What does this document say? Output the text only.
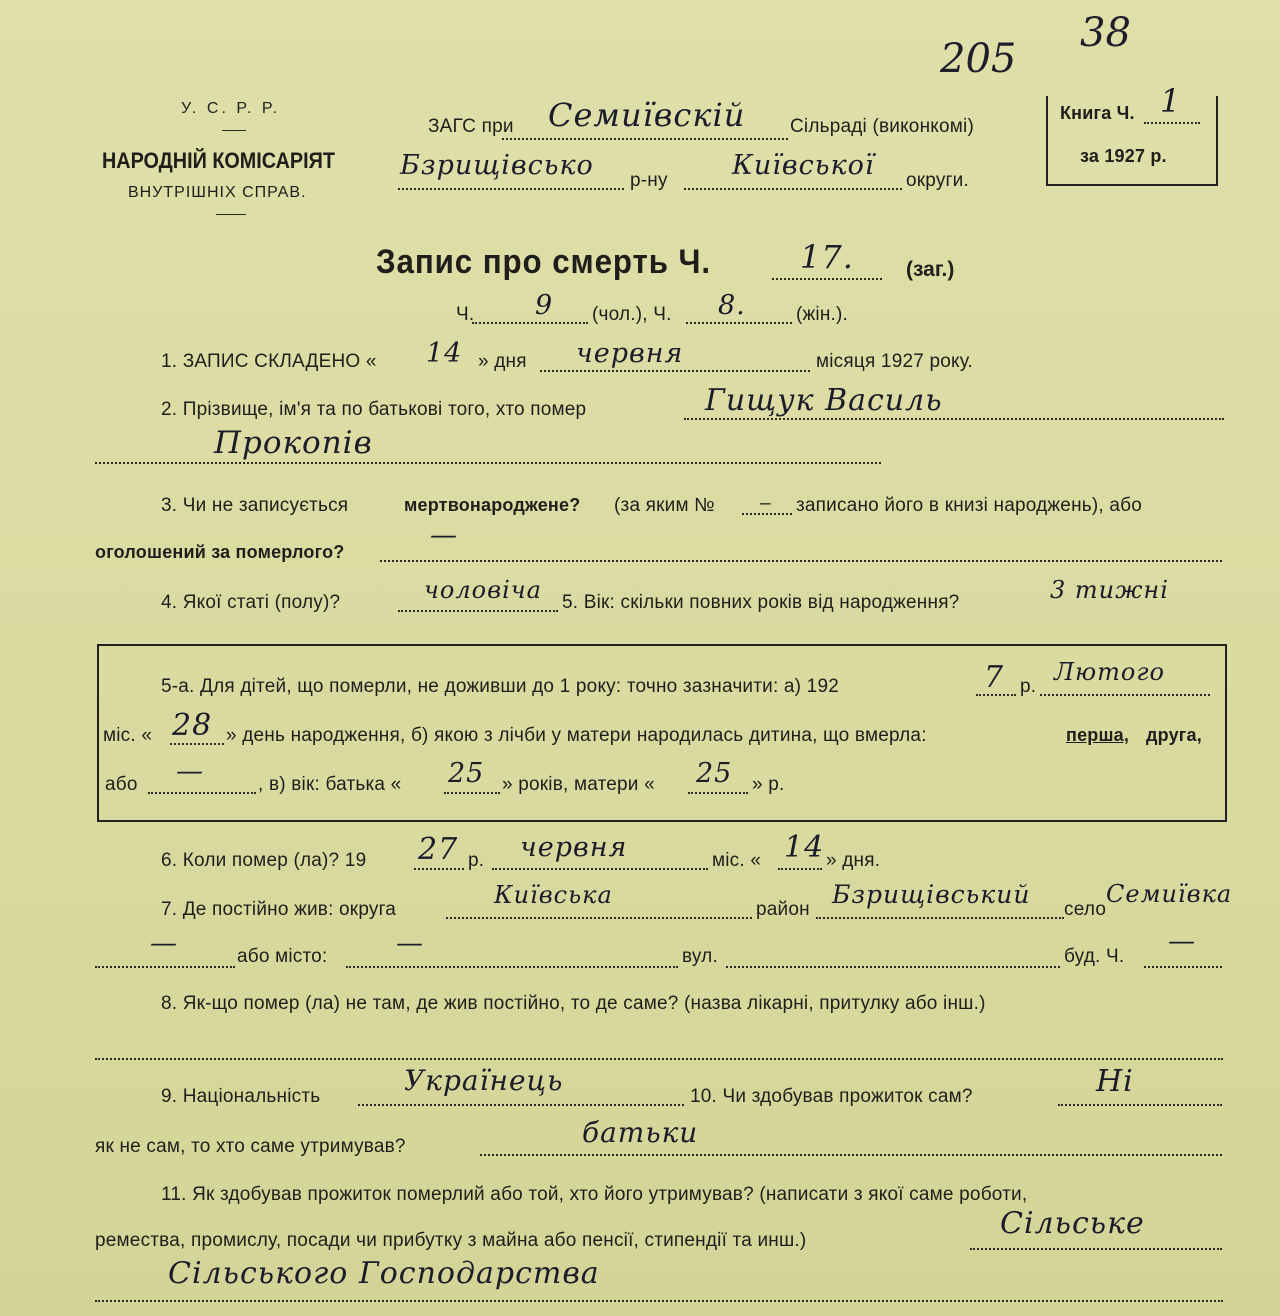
205
38
У. С. Р. Р.
НАРОДНІЙ КОМІСАРІЯТ
ВНУТРІШНІХ СПРАВ.
ЗАГС при Семиївскій Сільраді (виконкомі)
Бзрищівсько р-ну Київської округи.
Книга Ч. 1
за 1927 р.
Запис про смерть Ч.	17. (заг.)
Ч. 9 (чол.), Ч. 8.	(жін.).
1. ЗАПИС СКЛАДЕНО « 14 » дня червня	місяця 1927 року.
2. Прізвище, ім'я та по батькові того, хто помер	Гищук Василь
Прокопів
3. Чи не записується	мертвонароджене? (за яким № – записано його в книзі народжень), або
оголошений за померлого?
—
4. Якої статі (полу)?	чоловіча 5. Вік: скільки повних років від народження?	3 тижні
5-а. Для дітей, що померли, не доживши до 1 року: точно зазначити: а) 192	7 р.
Лютого
міс. « 28 » день народження, б) якою з лічби у матери народилась дитина, що вмерла:	перша, друга,
або —	, в) вік: батька « 25 » років, матери « 25 » р.
6. Коли помер (ла)? 19 27 р. червня	міс. « 14 » дня.
7. Де постійно жив: округа
Київська
район
Бзрищівський
село
Семиївка
—	або місто:	—	вул.	буд. Ч. —
8. Як-що помер (ла) не там, де жив постійно, то де саме? (назва лікарні, притулку або інш.)
9. Національність	Українець	10. Чи здобував прожиток сам?	Ні
як не сам, то хто саме утримував?	батьки
11. Як здобував прожиток померлий або той, хто його утримував? (написати з якої саме роботи,
ремества, промислу, посади чи прибутку з майна або пенсії, стипендії та инш.)	Сільське
Сільського Господарства
